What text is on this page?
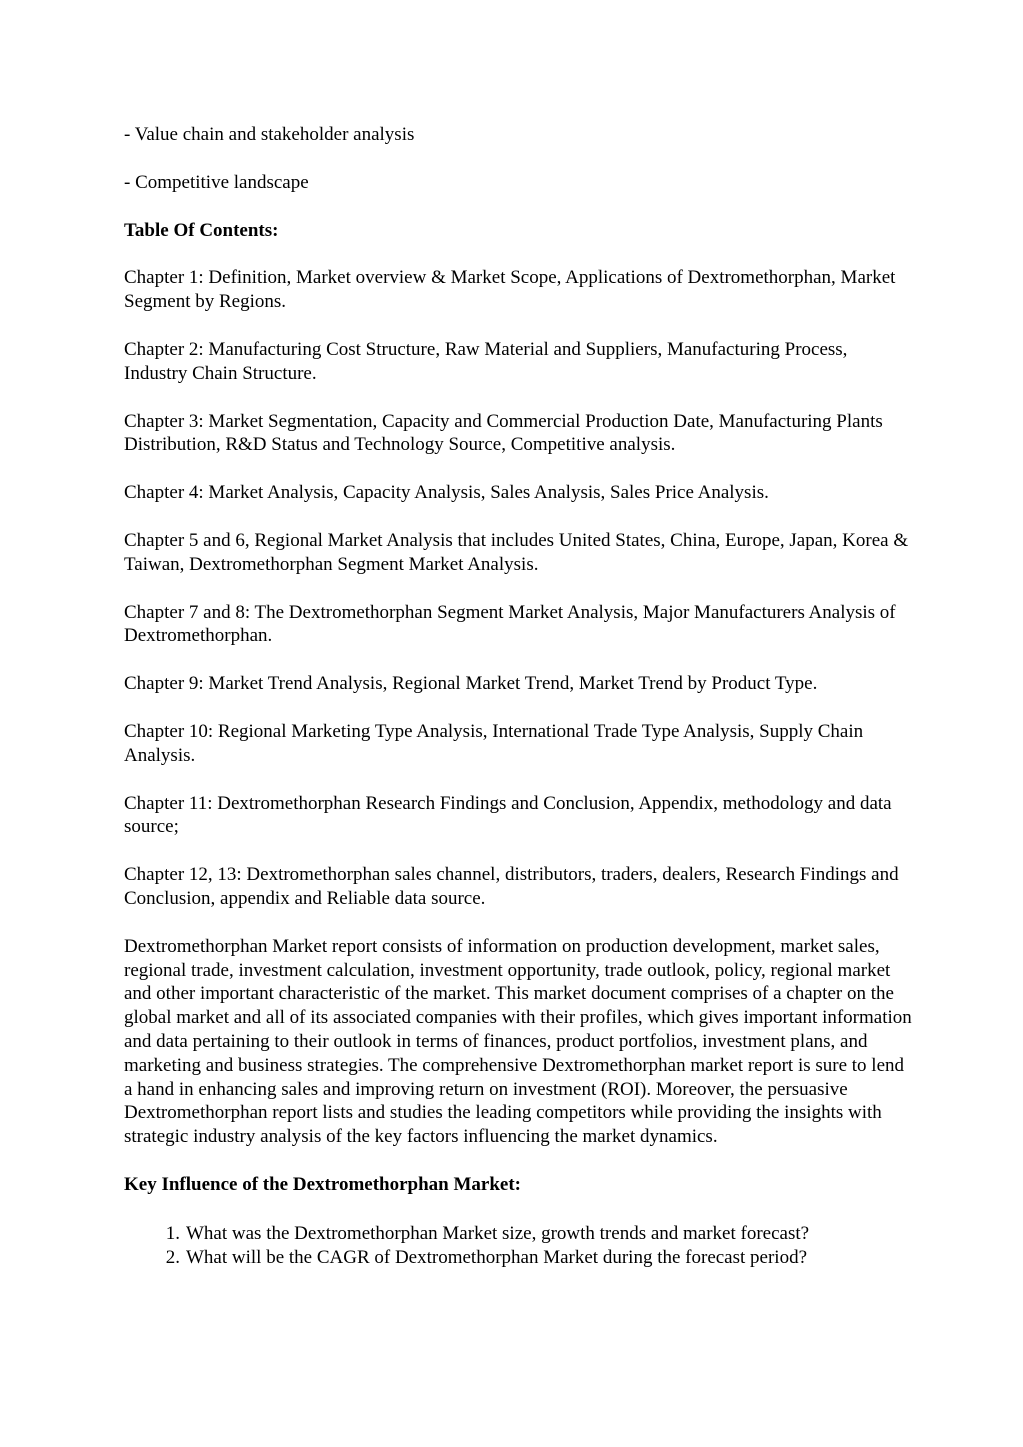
- Value chain and stakeholder analysis

- Competitive landscape

Table Of Contents:

Chapter 1: Definition, Market overview & Market Scope, Applications of Dextromethorphan, Market Segment by Regions.

Chapter 2: Manufacturing Cost Structure, Raw Material and Suppliers, Manufacturing Process, Industry Chain Structure.

Chapter 3: Market Segmentation, Capacity and Commercial Production Date, Manufacturing Plants Distribution, R&D Status and Technology Source, Competitive analysis.

Chapter 4: Market Analysis, Capacity Analysis, Sales Analysis, Sales Price Analysis.

Chapter 5 and 6, Regional Market Analysis that includes United States, China, Europe, Japan, Korea & Taiwan, Dextromethorphan Segment Market Analysis.

Chapter 7 and 8: The Dextromethorphan Segment Market Analysis, Major Manufacturers Analysis of Dextromethorphan.

Chapter 9: Market Trend Analysis, Regional Market Trend, Market Trend by Product Type.

Chapter 10: Regional Marketing Type Analysis, International Trade Type Analysis, Supply Chain Analysis.

Chapter 11: Dextromethorphan Research Findings and Conclusion, Appendix, methodology and data source;

Chapter 12, 13: Dextromethorphan sales channel, distributors, traders, dealers, Research Findings and Conclusion, appendix and Reliable data source.

Dextromethorphan Market report consists of information on production development, market sales, regional trade, investment calculation, investment opportunity, trade outlook, policy, regional market and other important characteristic of the market. This market document comprises of a chapter on the global market and all of its associated companies with their profiles, which gives important information and data pertaining to their outlook in terms of finances, product portfolios, investment plans, and marketing and business strategies. The comprehensive Dextromethorphan market report is sure to lend a hand in enhancing sales and improving return on investment (ROI). Moreover, the persuasive Dextromethorphan report lists and studies the leading competitors while providing the insights with strategic industry analysis of the key factors influencing the market dynamics.

Key Influence of the Dextromethorphan Market:

1. What was the Dextromethorphan Market size, growth trends and market forecast?
2. What will be the CAGR of Dextromethorphan Market during the forecast period?
